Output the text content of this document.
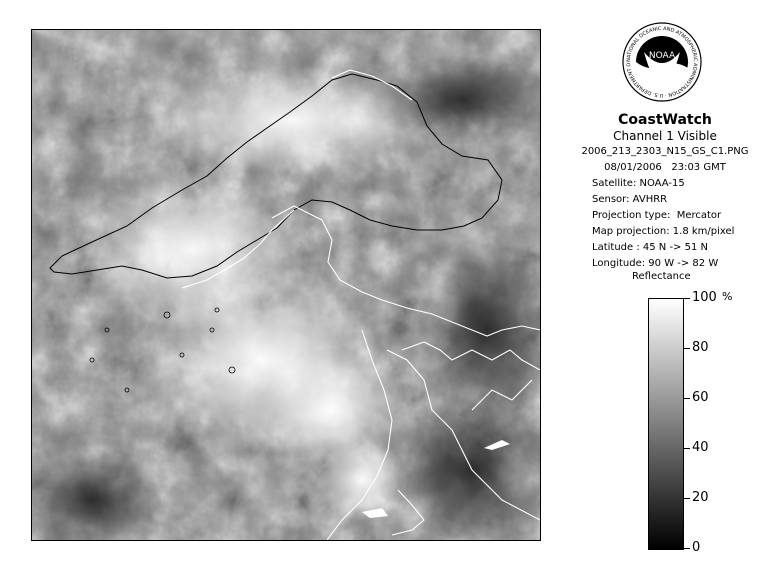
NOAA
NATIONAL OCEANIC AND ATMOSPHERIC ADMINISTRATION · U.S. DEPARTMENT O
CoastWatch
Channel 1 Visible
2006_213_2303_N15_GS_C1.PNG
08/01/2006 23:03 GMT
Satellite: NOAA-15
Sensor: AVHRR
Projection type:  Mercator
Map projection: 1.8 km/pixel
Latitude : 45 N -> 51 N
Longitude: 90 W -> 82 W
Reflectance
%
100
80
60
40
20
0
